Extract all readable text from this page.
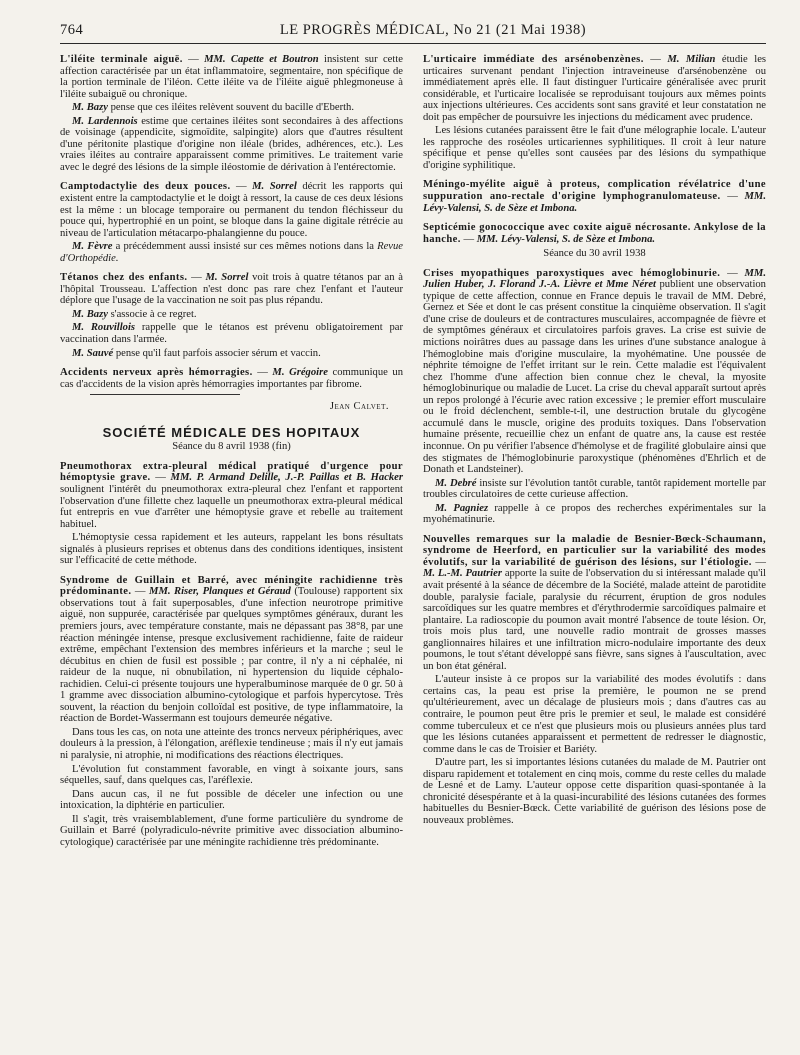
764	LE PROGRÈS MÉDICAL, No 21 (21 Mai 1938)

L'iléite terminale aiguë. — MM. Capette et Boutron insistent sur cette affection caractérisée par un état inflammatoire, segmentaire, non spécifique de la portion terminale de l'iléon. Cette iléite va de l'iléite aiguë phlegmoneuse à l'iléite subaiguë ou chronique.

M. Bazy pense que ces iléites relèvent souvent du bacille d'Eberth.

M. Lardennois estime que certaines iléites sont secondaires à des affections de voisinage (appendicite, sigmoïdite, salpingite) alors que d'autres résultent d'une péritonite plastique d'origine non iléale (brides, adhérences, etc.). Les vraies iléites au contraire apparaissent comme primitives. Le traitement varie avec le degré des lésions de la simple iléostomie de dérivation à l'entérectomie.

Camptodactylie des deux pouces. — M. Sorrel décrit les rapports qui existent entre la camptodactylie et le doigt à ressort, la cause de ces deux lésions est la même : un blocage temporaire ou permanent du tendon fléchisseur du pouce qui, hypertrophié en un point, se bloque dans la gaine digitale rétrécie au niveau de l'articulation métacarpo-phalangienne du pouce.

M. Fèvre a précédemment aussi insisté sur ces mêmes notions dans la Revue d'Orthopédie.

Tétanos chez des enfants. — M. Sorrel voit trois à quatre tétanos par an à l'hôpital Trousseau. L'affection n'est donc pas rare chez l'enfant et l'auteur déplore que l'usage de la vaccination ne soit pas plus répandu.

M. Bazy s'associe à ce regret.

M. Rouvillois rappelle que le tétanos est prévenu obligatoirement par vaccination dans l'armée.

M. Sauvé pense qu'il faut parfois associer sérum et vaccin.

Accidents nerveux après hémorragies. — M. Grégoire communique un cas d'accidents de la vision après hémorragies importantes par fibrome.

Jean Calvet.
SOCIÉTÉ MÉDICALE DES HOPITAUX
Séance du 8 avril 1938 (fin)

Pneumothorax extra-pleural médical pratiqué d'urgence pour hémoptysie grave. — MM. P. Armand Delille, J.-P. Paillas et B. Hacker soulignent l'intérêt du pneumothorax extra-pleural chez l'enfant et rapportent l'observation d'une fillette chez laquelle un pneumothorax extra-pleural médical fut entrepris en vue d'arrêter une hémoptysie grave et rebelle au traitement habituel.

L'hémoptysie cessa rapidement et les auteurs, rappelant les bons résultats signalés à plusieurs reprises et obtenus dans des conditions identiques, insistent sur l'efficacité de cette méthode.

Syndrome de Guillain et Barré, avec méningite rachidienne très prédominante. — MM. Riser, Planques et Géraud (Toulouse) rapportent six observations tout à fait superposables, d'une infection neurotrope primitive aiguë, non suppurée, caractérisée par quelques symptômes généraux, durant les premiers jours, avec température constante, mais ne dépassant pas 38°8, par une réaction méningée intense, presque exclusivement rachidienne, faite de raideur extrême, empêchant l'extension des membres inférieurs et la marche ; seul le décubitus en chien de fusil est possible ; par contre, il n'y a ni céphalée, ni raideur de la nuque, ni obnubilation, ni hypertension du liquide céphalo-rachidien. Celui-ci présente toujours une hyperalbuminose marquée de 0 gr. 50 à 1 gramme avec dissociation albumino-cytologique et parfois hypercytose. Très souvent, la réaction du benjoin colloïdal est positive, de type inflammatoire, la réaction de Bordet-Wassermann est toujours demeurée négative.

Dans tous les cas, on nota une atteinte des troncs nerveux périphériques, avec douleurs à la pression, à l'élongation, aréflexie tendineuse ; mais il n'y eut jamais ni paralysie, ni atrophie, ni modifications des réactions électriques.

L'évolution fut constamment favorable, en vingt à soixante jours, sans séquelles, sauf, dans quelques cas, l'aréflexie.

Dans aucun cas, il ne fut possible de déceler une infection ou une intoxication, la diphtérie en particulier.

Il s'agit, très vraisemblablement, d'une forme particulière du syndrome de Guillain et Barré (polyradiculo-névrite primitive avec dissociation albumino-cytologique) caractérisée par une méningite rachidienne très prédominante.

L'urticaire immédiate des arsénobenzènes. — M. Milian étudie les urticaires survenant pendant l'injection intraveineuse d'arsénobenzène ou immédiatement après elle. Il faut distinguer l'urticaire généralisée avec prurit considérable, et l'urticaire localisée se reproduisant toujours aux mêmes points aux injections ultérieures. Ces accidents sont sans gravité et leur constatation ne doit pas empêcher de poursuivre les injections du médicament avec prudence.

Les lésions cutanées paraissent être le fait d'une mélographie locale. L'auteur les rapproche des roséoles urticariennes syphilitiques. Il croit à leur nature spécifique et pense qu'elles sont causées par des lésions du sympathique d'origine syphilitique.

Méningo-myélite aiguë à proteus, complication révélatrice d'une suppuration ano-rectale d'origine lymphogranulomateuse. — MM. Lévy-Valensi, S. de Sèze et Imbona.

Septicémie gonococcique avec coxite aiguë nécrosante. Ankylose de la hanche. — MM. Lévy-Valensi, S. de Sèze et Imbona.

Séance du 30 avril 1938

Crises myopathiques paroxystiques avec hémoglobinurie. — MM. Julien Huber, J. Florand J.-A. Lièvre et Mme Néret publient une observation typique de cette affection, connue en France depuis le travail de MM. Debré, Gernez et Sée et dont le cas présent constitue la cinquième observation. Il s'agit d'une crise de douleurs et de contractures musculaires, accompagnée de fièvre et de symptômes généraux et circulatoires parfois graves. La crise est suivie de mictions noirâtres dues au passage dans les urines d'une substance analogue à l'hémoglobine mais d'origine musculaire, la myohématine. Une poussée de néphrite témoigne de l'effet irritant sur le rein. Cette maladie est l'équivalent chez l'homme d'une affection bien connue chez le cheval, la myosite hémoglobinurique ou maladie de Lucet. La crise du cheval apparaît surtout après un repos prolongé à l'écurie avec ration excessive ; le premier effort musculaire ou le froid déclenchent, semble-t-il, une destruction brutale du glycogène accumulé dans le muscle, origine des produits toxiques. Dans l'observation humaine présente, recueillie chez un enfant de quatre ans, la cause est restée inconnue. On pu vérifier l'absence d'hémolyse et de fragilité globulaire ainsi que des stigmates de l'hémoglobinurie paroxystique (phénomènes d'Ehrlich et de Donath et Landsteiner).

M. Debré insiste sur l'évolution tantôt curable, tantôt rapidement mortelle par troubles circulatoires de cette curieuse affection.

M. Pagniez rappelle à ce propos des recherches expérimentales sur la myohématinurie.

Nouvelles remarques sur la maladie de Besnier-Bœck-Schaumann, syndrome de Heerford, en particulier sur la variabilité des modes évolutifs, sur la variabilité de guérison des lésions, sur l'étiologie. — M. L.-M. Pautrier apporte la suite de l'observation du si intéressant malade qu'il avait présenté à la séance de décembre de la Société, malade atteint de parotidite double, paralysie faciale, paralysie du récurrent, éruption de gros nodules sarcoïdiques sur les quatre membres et d'érythrodermie sarcoïdiques palmaire et plantaire. La radioscopie du poumon avait montré l'absence de toute lésion. Or, trois mois plus tard, une nouvelle radio montrait de grosses masses ganglionnaires hilaires et une infiltration micro-nodulaire importante des deux poumons, le tout s'étant développé sans fièvre, sans signes à l'auscultation, avec un bon état général.

L'auteur insiste à ce propos sur la variabilité des modes évolutifs : dans certains cas, la peau est prise la première, le poumon ne se prend qu'ultérieurement, avec un décalage de plusieurs mois ; dans d'autres cas au contraire, le poumon peut être pris le premier et seul, le malade est considéré comme tuberculeux et ce n'est que plusieurs mois ou plusieurs années plus tard que les lésions cutanées apparaissent et permettent de redresser le diagnostic, comme dans le cas de Troisier et Bariéty.

D'autre part, les si importantes lésions cutanées du malade de M. Pautrier ont disparu rapidement et totalement en cinq mois, comme du reste celles du malade de Lesné et de Lamy. L'auteur oppose cette disparition quasi-spontanée à la chronicité désespérante et à la quasi-incurabilité des lésions cutanées des formes habituelles du Besnier-Bœck. Cette variabilité de guérison des lésions pose de nouveaux problèmes.
